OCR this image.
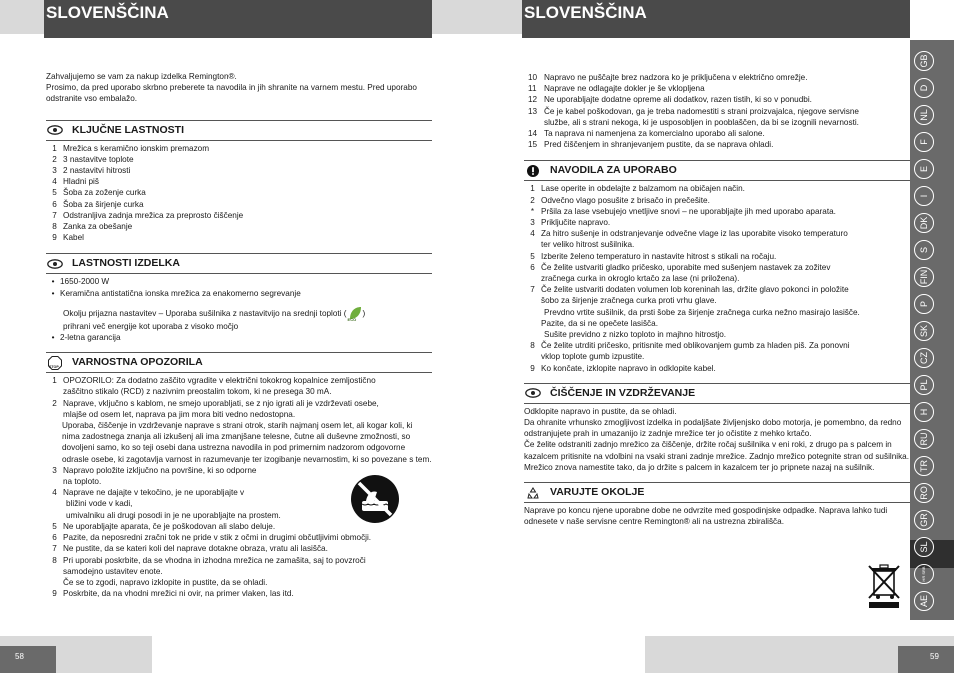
SLOVENŠČINA	SLOVENŠČINA

Zahvaljujemo se vam za nakup izdelka Remington®.

Prosimo, da pred uporabo skrbno preberete ta navodila in jih shranite na varnem mestu. Pred uporabo odstranite vso embalažo.

KLJUČNE LASTNOSTI
1 Mrežica s keramično ionskim premazom
2 3 nastavitve toplote
3 2 nastavitvi hitrosti
4 Hladni piš
5 Šoba za zoženje curka
6 Šoba za širjenje curka
7 Odstranljiva zadnja mrežica za preprosto čiščenje
8 Zanka za obešanje
9 Kabel
LASTNOSTI IZDELKA
• 1650-2000 W
• Keramična antistatična ionska mrežica za enakomerno segrevanje
Okolju prijazna nastavitev – Uporaba sušilnika z nastavitvijo na srednji toploti (
ECO
)
prihrani več energije kot uporaba z visoko močjo
• 2-letna garancija
STOP VARNOSTNA OPOZORILA
1 OPOZORILO: Za dodatno zaščito vgradite v električni tokokrog kopalnice zemljostično
zaščitno stikalo (RCD) z nazivnim preostalim tokom, ki ne presega 30 mA.
2 Naprave, vključno s kablom, ne smejo uporabljati, se z njo igrati ali je vzdrževati osebe,
mlajše od osem let, naprava pa jim mora biti vedno nedostopna.
Uporaba, čiščenje in vzdrževanje naprave s strani otrok, starih najmanj osem let, ali kogar koli, ki nima zadostnega znanja ali izkušenj ali ima zmanjšane telesne, čutne ali duševne zmožnosti, so dovoljeni samo, ko so teji osebi dana ustrezna navodila in pod primernim nadzorom odgovorne odrasle osebe, ki zagotavlja varnost in razumevanje ter izogibanje nevarnostim, ki so povezane s tem.
3 Napravo položite izključno na površine, ki so odporne
na toploto.
4 Naprave ne dajajte v tekočino, je ne uporabljajte v
bližini vode v kadi,
umivalniku ali drugi posodi in je ne uporabljajte na prostem.
5 Ne uporabljajte aparata, če je poškodovan ali slabo deluje.
6 Pazite, da neposredni zračni tok ne pride v stik z očmi in drugimi občutljivimi območji.
7 Ne pustite, da se kateri koli del naprave dotakne obraza, vratu ali lasišča.
8 Pri uporabi poskrbite, da se vhodna in izhodna mrežica ne zamašita, saj to povzroči
samodejno ustavitev enote.
Če se to zgodi, napravo izklopite in pustite, da se ohladi.
9 Poskrbite, da na vhodni mrežici ni ovir, na primer vlaken, las itd.
10 Napravo ne puščajte brez nadzora ko je priključena v električno omrežje.
11 Naprave ne odlagajte dokler je še vklopljena
12 Ne uporabljajte dodatne opreme ali dodatkov, razen tistih, ki so v ponudbi.
13 Če je kabel poškodovan, ga je treba nadomestiti s strani proizvajalca, njegove servisne
službe, ali s strani nekoga, ki je usposobljen in pooblaščen, da bi se izognili nevarnosti.
14 Ta naprava ni namenjena za komercialno uporabo ali salone.
15 Pred čiščenjem in shranjevanjem pustite, da se naprava ohladi.
NAVODILA ZA UPORABO
1 Lase operite in obdelajte z balzamom na običajen način.
2 Odvečno vlago posušite z brisačo in prečešite.
* Pršila za lase vsebujejo vnetljive snovi – ne uporabljajte jih med uporabo aparata.
3 Priključite napravo.
4 Za hitro sušenje in odstranjevanje odvečne vlage iz las uporabite visoko temperaturo
ter veliko hitrost sušilnika.
5 Izberite želeno temperaturo in nastavite hitrost s stikali na ročaju.
6 Če želite ustvariti gladko pričesko, uporabite med sušenjem nastavek za zožitev
zračnega curka in okroglo krtačo za lase (ni priložena).
7 Če želite ustvariti dodaten volumen lob koreninah las, držite glavo pokonci in položite
šobo za širjenje zračnega curka proti vrhu glave.
Prevdno vrtite sušilnik, da prsti šobe za širjenje zračnega curka nežno masirajo lasišče.
Pazite, da si ne opečete lasišča.
Sušite previdno z nizko toploto in majhno hitrostjo.
8 Če želite utrditi pričesko, pritisnite med oblikovanjem gumb za hladen piš. Za ponovni
vklop toplote gumb izpustite.
9 Ko končate, izklopite napravo in odklopite kabel.
ČIŠČENJE IN VZDRŽEVANJE

Odklopite napravo in pustite, da se ohladi.

Da ohranite vrhunsko zmogljivost izdelka in podaljšate življenjsko dobo motorja, je pomembno, da redno odstranjujete prah in umazanijo iz zadnje mrežice ter jo očistite z mehko krtačo.

Če želite odstraniti zadnjo mrežico za čiščenje, držite ročaj sušilnika v eni roki, z drugo pa s palcem in kazalcem pritisnite na vdolbini na vsaki strani zadnje mrežice. Zadnjo mrežico potegnite stran od sušilnika.

Mrežico znova namestite tako, da jo držite s palcem in kazalcem ter jo pripnete nazaj na sušilnik.

VARUJTE OKOLJE

Naprave po koncu njene uporabne dobe ne odvrzite med gospodinjske odpadke. Naprava lahko tudi odnesete v naše servisne centre Remington® ali na ustrezna zbirališča.

GB
D
NL
F
E
I
DK
S
FIN
P
SK
CZ
PL
H
RU
TR
RO
GR
SL
HR SRB
AE
58	59
